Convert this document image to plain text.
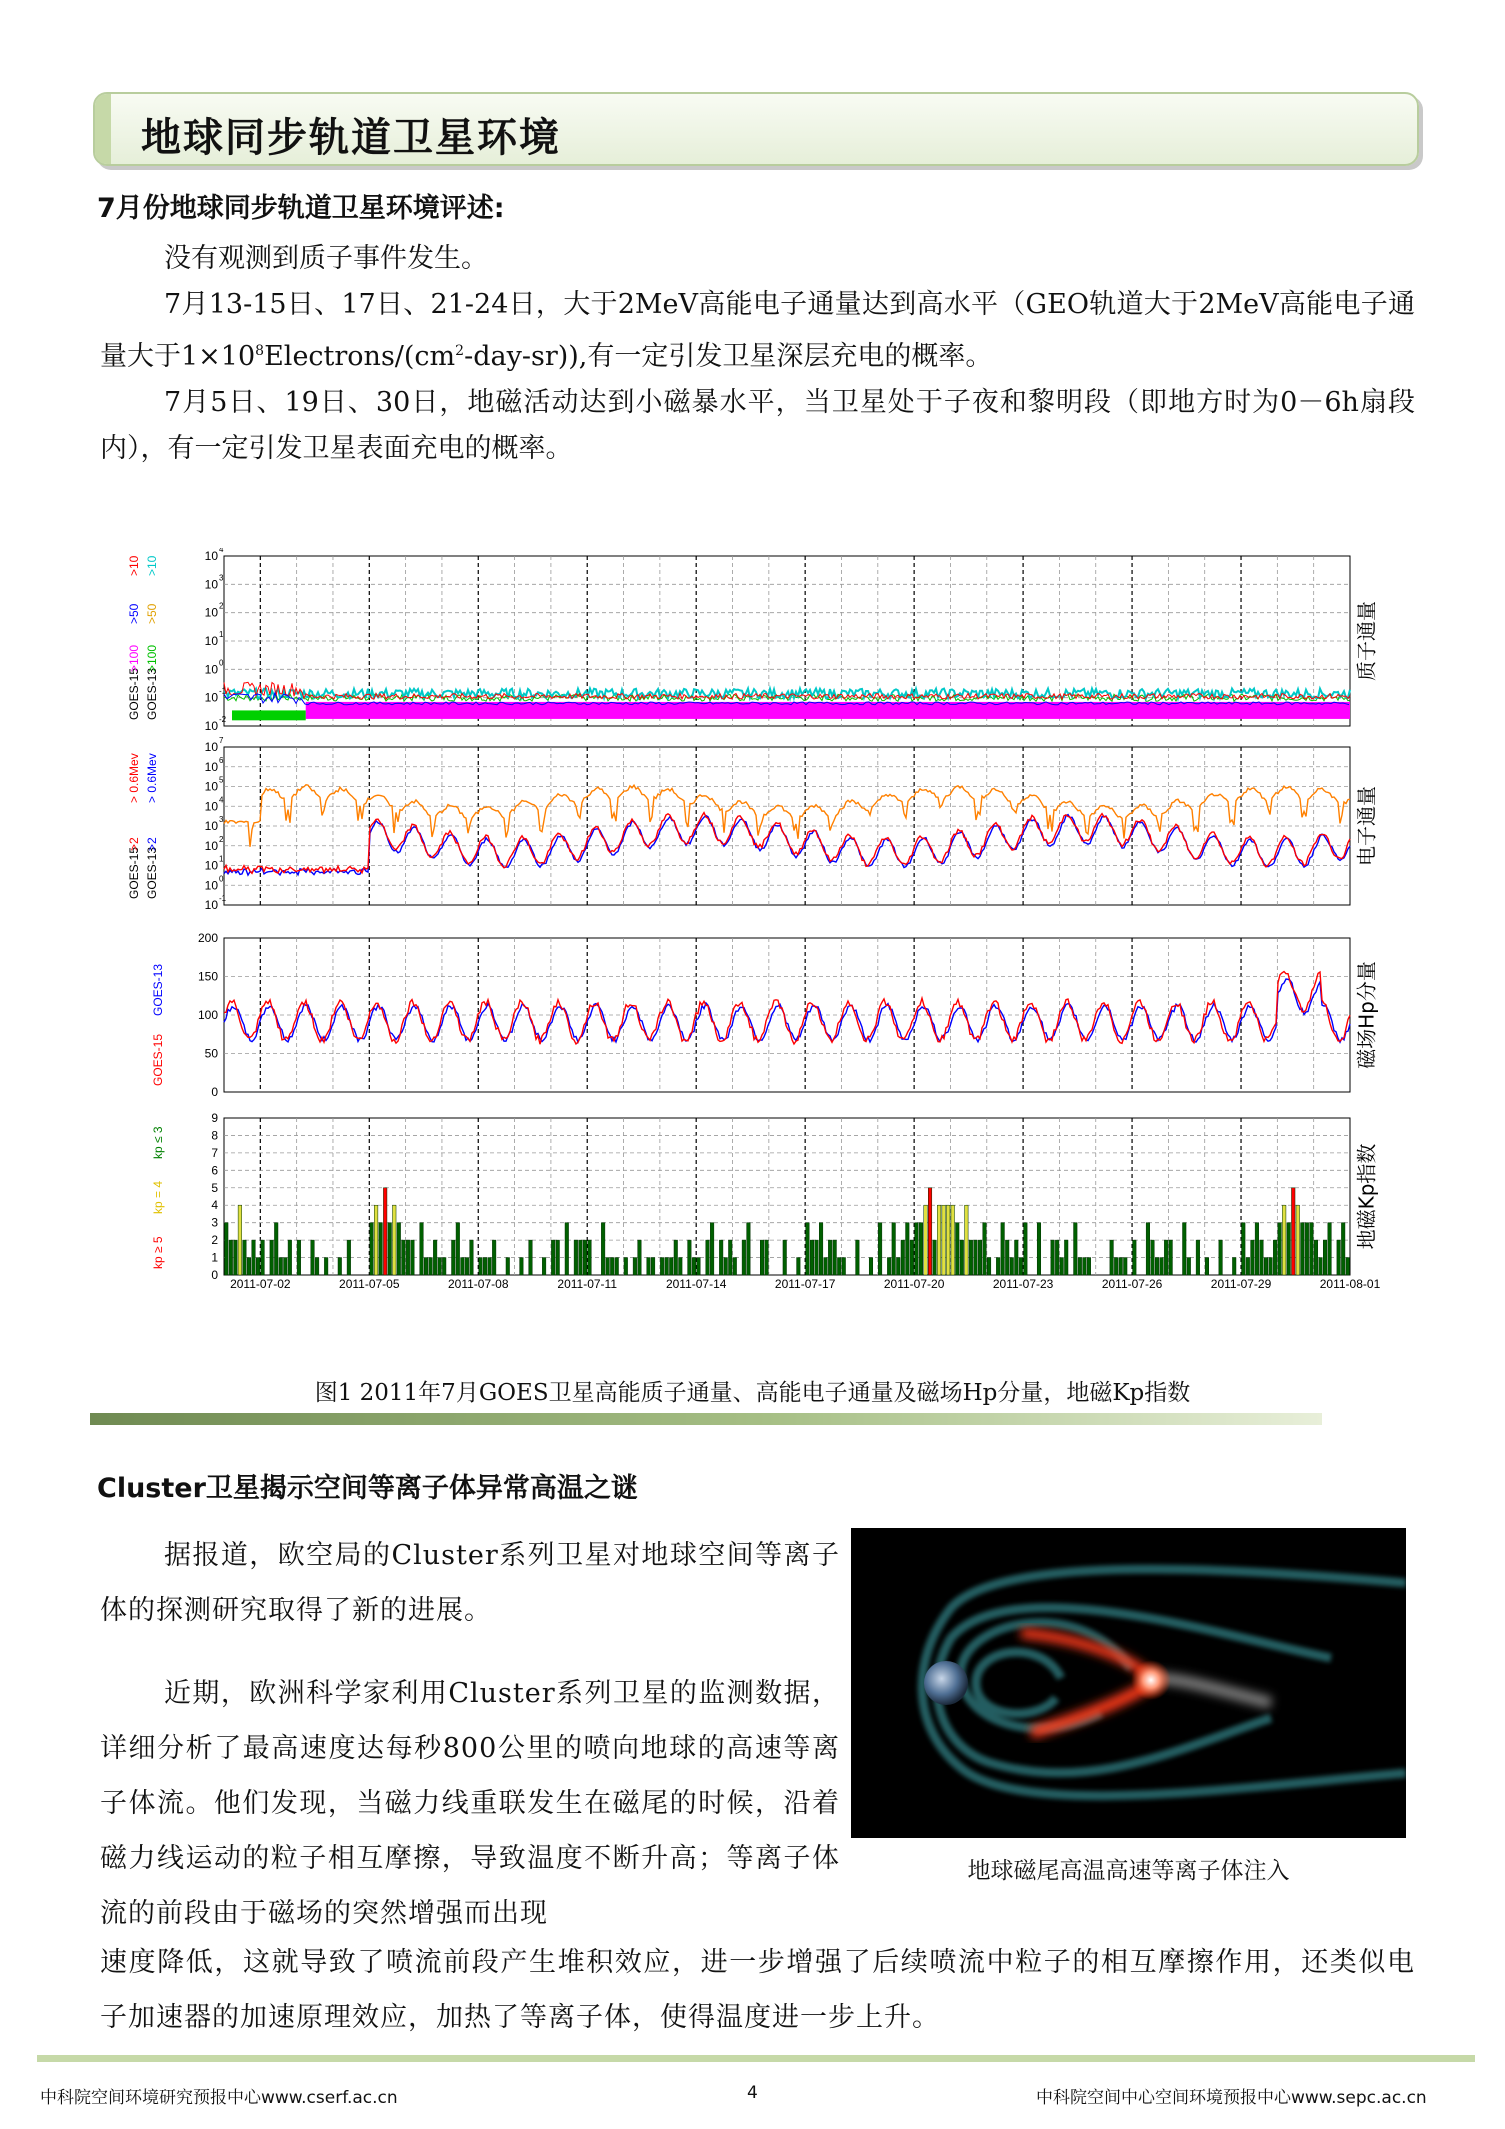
地球同步轨道卫星环境
7月份地球同步轨道卫星环境评述:

没有观测到质子事件发生。

7月13-15日、17日、21-24日，大于2MeV高能电子通量达到高水平（GEO轨道大于2MeV高能电子通量大于$1\times 10^8Electrons/(cm^2-day-sr)$),有一定引发卫星深层充电的概率。

7月5日、19日、30日，地磁活动达到小磁暴水平，当卫星处于子夜和黎明段（即地方时为0－6h扇段内），有一定引发卫星表面充电的概率。

10 4
10 3
10 2
10 1
10 0
10 -1
10 -2
质子通量
GOES-15 GOES-13
>100 >100
>50 >50
>10 >10
10 7
10 6
10 5
10 4
10 3
10 2
10 1
10 0
10 -1
电子通量
GOES-15 GOES-13
>2 >2
> 0.6Mev > 0.6Mev
200
150
100
50
0
磁场Hp分量
GOES-15
GOES-13
9
8
7
6
5
4
3
2
1
0
地磁Kp指数
kp ≥ 5
kp = 4
kp ≤ 3
2011-07-02	2011-07-05	2011-07-08	2011-07-11	2011-07-14	2011-07-17	2011-07-20	2011-07-23	2011-07-26	2011-07-29	2011-08-01
图1 2011年7月GOES卫星高能质子通量、高能电子通量及磁场Hp分量，地磁Kp指数
Cluster卫星揭示空间等离子体异常高温之谜

据报道，欧空局的Cluster系列卫星对地球空间等离子体的探测研究取得了新的进展。

近期，欧洲科学家利用Cluster系列卫星的监测数据，详细分析了最高速度达每秒800公里的喷向地球的高速等离子体流。他们发现，当磁力线重联发生在磁尾的时候，沿着磁力线运动的粒子相互摩擦，导致温度不断升高；等离子体流的前段由于磁场的突然增强而出现

速度降低，这就导致了喷流前段产生堆积效应，进一步增强了后续喷流中粒子的相互摩擦作用，还类似电子加速器的加速原理效应，加热了等离子体，使得温度进一步上升。
地球磁尾高温高速等离子体注入
中科院空间环境研究预报中心www.cserf.ac.cn	4	中科院空间中心空间环境预报中心www.sepc.ac.cn
